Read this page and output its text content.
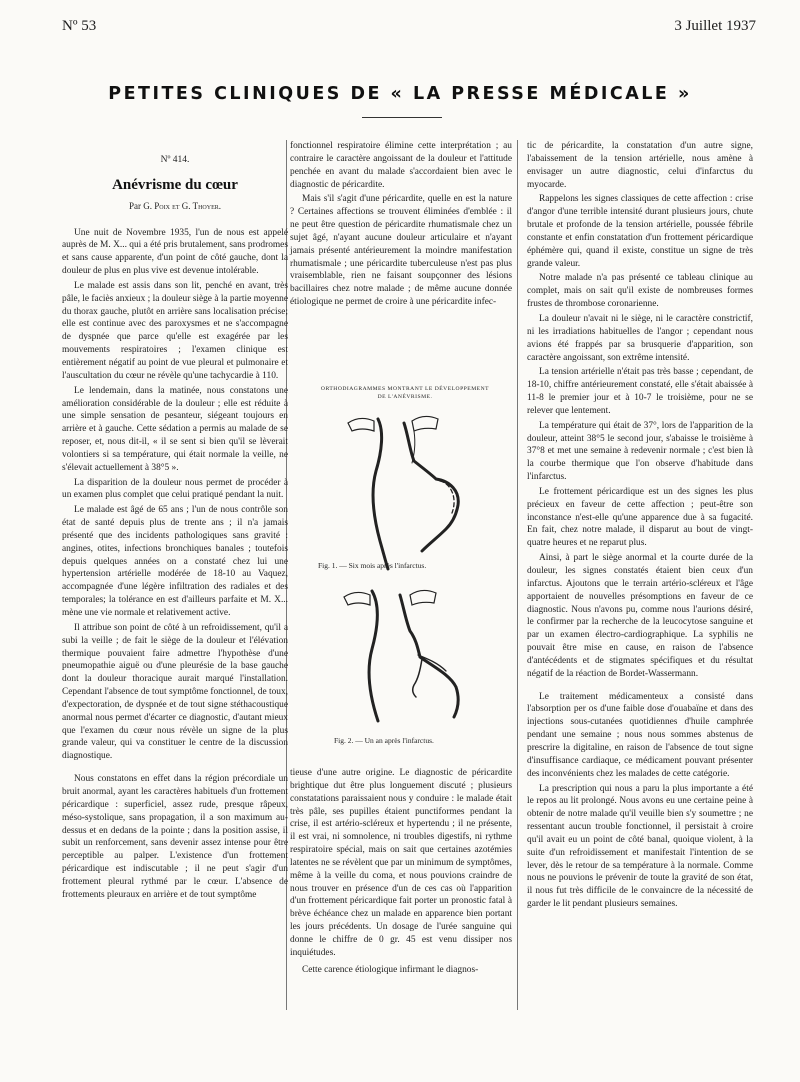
Nº 53	3 Juillet 1937
PETITES CLINIQUES DE « LA PRESSE MÉDICALE »
Nº 414.
Anévrisme du cœur
Par G. Poix et G. Thoyer.

Une nuit de Novembre 1935, l'un de nous est appelé auprès de M. X... qui a été pris brutalement, sans prodromes et sans cause apparente, d'un point de côté gauche, dont la douleur de plus en plus vive est devenue intolérable.

Le malade est assis dans son lit, penché en avant, très pâle, le faciès anxieux ; la douleur siège à la partie moyenne du thorax gauche, plutôt en arrière sans localisation précise; elle est continue avec des paroxysmes et ne s'accompagne de dyspnée que parce qu'elle est exagérée par les mouvements respiratoires ; l'examen clinique est entièrement négatif au point de vue pleural et pulmonaire et l'auscultation du cœur ne révèle qu'une tachycardie à 110.

Le lendemain, dans la matinée, nous constatons une amélioration considérable de la douleur ; elle est réduite à une simple sensation de pesanteur, siégeant toujours en arrière et à gauche. Cette sédation a permis au malade de se reposer, et, nous dit-il, « il se sent si bien qu'il se lèverait volontiers si sa température, qui était normale la veille, ne s'élevait actuellement à 38°5 ».

La disparition de la douleur nous permet de procéder à un examen plus complet que celui pratiqué pendant la nuit.

Le malade est âgé de 65 ans ; l'un de nous contrôle son état de santé depuis plus de trente ans ; il n'a jamais présenté que des incidents pathologiques sans gravité : angines, otites, infections bronchiques banales ; toutefois depuis quelques années on a constaté chez lui une hypertension artérielle modérée de 18-10 au Vaquez, accompagnée d'une légère infiltration des radiales et des temporales; la tolérance en est d'ailleurs parfaite et M. X... mène une vie normale et relativement active.

Il attribue son point de côté à un refroidissement, qu'il a subi la veille ; de fait le siège de la douleur et l'élévation thermique pouvaient faire admettre l'hypothèse d'une pneumopathie aiguë ou d'une pleurésie de la base gauche dont la douleur thoracique aurait marqué l'installation. Cependant l'absence de tout symptôme fonctionnel, de toux, d'expectoration, de dyspnée et de tout signe stéthacoustique anormal nous permet d'écarter ce diagnostic, d'autant mieux que l'examen du cœur nous révèle un signe de la plus grande valeur, qui va constituer le centre de la discussion diagnostique.

Nous constatons en effet dans la région précordiale un bruit anormal, ayant les caractères habituels d'un frottement péricardique : superficiel, assez rude, presque râpeux, méso-systolique, sans propagation, il a son maximum au-dessus et en dedans de la pointe ; dans la position assise, il subit un renforcement, sans devenir assez intense pour être perceptible au palper. L'existence d'un frottement péricardique est indiscutable ; il ne peut s'agir d'un frottement pleural rythmé par le cœur. L'absence de frottements pleuraux en arrière et de tout symptôme

fonctionnel respiratoire élimine cette interprétation ; au contraire le caractère angoissant de la douleur et l'attitude penchée en avant du malade s'accordaient bien avec le diagnostic de péricardite.

Mais s'il s'agit d'une péricardite, quelle en est la nature ? Certaines affections se trouvent éliminées d'emblée : il ne peut être question de péricardite rhumatismale chez un sujet âgé, n'ayant aucune douleur articulaire et n'ayant jamais présenté antérieurement la moindre manifestation rhumatismale ; une péricardite tuberculeuse n'est pas plus vraisemblable, rien ne faisant soupçonner des lésions bacillaires chez notre malade ; de même aucune donnée étiologique ne permet de croire à une péricardite infec-

ORTHODIAGRAMMES MONTRANT LE DÉVELOPPEMENT
DE L'ANÉVRISME.
Fig. 1. — Six mois après l'infarctus.
Fig. 2. — Un an après l'infarctus.

tieuse d'une autre origine. Le diagnostic de péricardite brightique dut être plus longuement discuté ; plusieurs constatations paraissaient nous y conduire : le malade était très pâle, ses pupilles étaient punctiformes pendant la crise, il est artério-scléreux et hypertendu ; il ne présente, il est vrai, ni somnolence, ni troubles digestifs, ni rythme respiratoire spécial, mais on sait que certaines azotémies latentes ne se révèlent que par un minimum de symptômes, même à la veille du coma, et nous pouvions craindre de nous trouver en présence d'un de ces cas où l'apparition d'un frottement péricardique fait porter un pronostic fatal à brève échéance chez un malade en apparence bien portant les jours précédents. Un dosage de l'urée sanguine qui donne le chiffre de 0 gr. 45 est venu dissiper nos inquiétudes.

Cette carence étiologique infirmant le diagnos-

tic de péricardite, la constatation d'un autre signe, l'abaissement de la tension artérielle, nous amène à envisager un autre diagnostic, celui d'infarctus du myocarde.

Rappelons les signes classiques de cette affection : crise d'angor d'une terrible intensité durant plusieurs jours, chute brutale et profonde de la tension artérielle, poussée fébrile constante et enfin constatation d'un frottement péricardique éphémère qui, quand il existe, constitue un signe de très grande valeur.

Notre malade n'a pas présenté ce tableau clinique au complet, mais on sait qu'il existe de nombreuses formes frustes de thrombose coronarienne.

La douleur n'avait ni le siège, ni le caractère constrictif, ni les irradiations habituelles de l'angor ; cependant nous avions été frappés par sa brusquerie d'apparition, son caractère angoissant, son extrême intensité.

La tension artérielle n'était pas très basse ; cependant, de 18-10, chiffre antérieurement constaté, elle s'était abaissée à 11-8 le premier jour et à 10-7 le troisième, pour ne se relever que lentement.

La température qui était de 37°, lors de l'apparition de la douleur, atteint 38°5 le second jour, s'abaisse le troisième à 37°8 et met une semaine à redevenir normale ; c'est bien là la courbe thermique que l'on observe d'habitude dans l'infarctus.

Le frottement péricardique est un des signes les plus précieux en faveur de cette affection ; peut-être son inconstance n'est-elle qu'une apparence due à sa fugacité. En fait, chez notre malade, il disparut au bout de vingt-quatre heures et ne reparut plus.

Ainsi, à part le siège anormal et la courte durée de la douleur, les signes constatés étaient bien ceux d'un infarctus. Ajoutons que le terrain artério-scléreux et l'âge apportaient de nouvelles présomptions en faveur de ce diagnostic. Nous n'avons pu, comme nous l'aurions désiré, le confirmer par la recherche de la leucocytose sanguine et par un examen électro-cardiographique. La syphilis ne pouvait être mise en cause, en raison de l'absence d'antécédents et de stigmates spécifiques et du résultat négatif de la réaction de Bordet-Wassermann.

Le traitement médicamenteux a consisté dans l'absorption per os d'une faible dose d'ouabaïne et dans des injections sous-cutanées quotidiennes d'huile camphrée pendant une semaine ; nous nous sommes abstenus de prescrire la digitaline, en raison de l'absence de tout signe d'insuffisance cardiaque, ce médicament pouvant présenter des inconvénients chez les malades de cette catégorie.

La prescription qui nous a paru la plus importante a été le repos au lit prolongé. Nous avons eu une certaine peine à obtenir de notre malade qu'il veuille bien s'y soumettre ; ne ressentant aucun trouble fonctionnel, il persistait à croire qu'il avait eu un point de côté banal, quoique violent, à la suite d'un refroidissement et manifestait l'intention de se lever, dès le retour de sa température à la normale. Comme nous ne pouvions le prévenir de toute la gravité de son état, il nous fut très difficile de le convaincre de la nécessité de garder le lit pendant plusieurs semaines.
